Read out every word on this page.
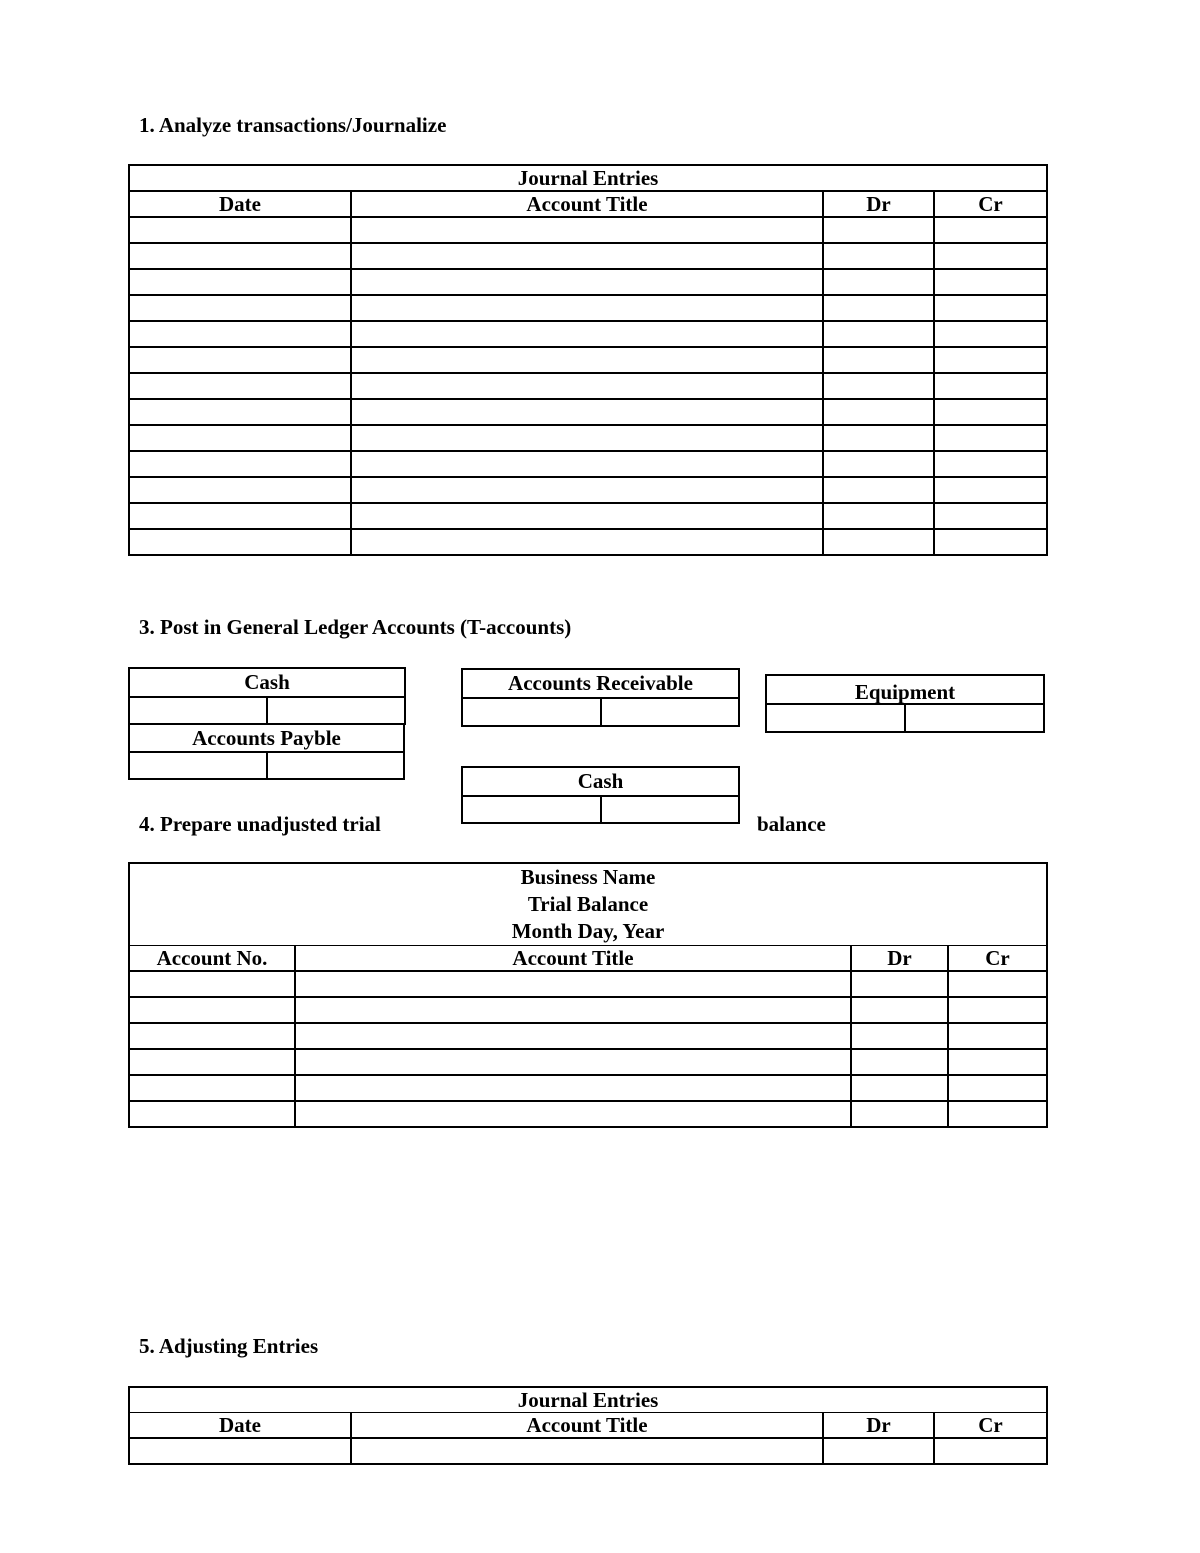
1. Analyze transactions/Journalize
Journal Entries			
Date	Account Title	Dr	Cr

3. Post in General Ledger Accounts (T-accounts)
Cash
Accounts Payble
Accounts Receivable
Cash
Equipment
4. Prepare unadjusted trial	balance
Business Name
Trial Balance
Month Day, Year			

Account No.	Account Title	Dr	Cr

5. Adjusting Entries
Journal Entries			
Date	Account Title	Dr	Cr
